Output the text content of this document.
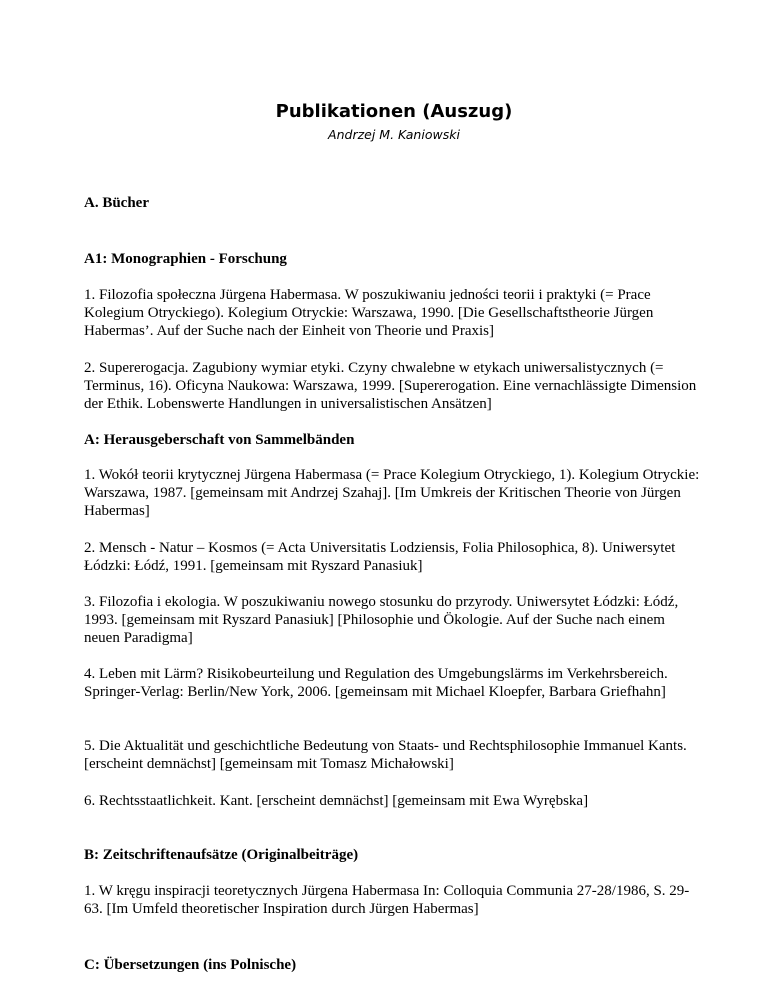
Publikationen (Auszug)

Andrzej M. Kaniowski

A. Bücher

A1: Monographien - Forschung

1. Filozofia społeczna Jürgena Habermasa. W poszukiwaniu jedności teorii i praktyki (= Prace Kolegium Otryckiego). Kolegium Otryckie: Warszawa, 1990. [Die Gesellschaftstheorie Jürgen Habermas’. Auf der Suche nach der Einheit von Theorie und Praxis]

2. Supererogacja. Zagubiony wymiar etyki. Czyny chwalebne w etykach uniwersalistycznych (= Terminus, 16). Oficyna Naukowa: Warszawa, 1999. [Supererogation. Eine vernachlässigte Dimension der Ethik. Lobenswerte Handlungen in universalistischen Ansätzen]

A: Herausgeberschaft von Sammelbänden

1. Wokół teorii krytycznej Jürgena Habermasa (= Prace Kolegium Otryckiego, 1). Kolegium Otryckie: Warszawa, 1987. [gemeinsam mit Andrzej Szahaj]. [Im Umkreis der Kritischen Theorie von Jürgen Habermas]

2. Mensch - Natur – Kosmos (= Acta Universitatis Lodziensis, Folia Philosophica, 8). Uniwersytet Łódzki: Łódź, 1991. [gemeinsam mit Ryszard Panasiuk]

3. Filozofia i ekologia. W poszukiwaniu nowego stosunku do przyrody. Uniwersytet Łódzki: Łódź, 1993. [gemeinsam mit Ryszard Panasiuk] [Philosophie und Ökologie. Auf der Suche nach einem neuen Paradigma]

4. Leben mit Lärm? Risikobeurteilung und Regulation des Umgebungslärms im Verkehrsbereich. Springer-Verlag: Berlin/New York, 2006. [gemeinsam mit Michael Kloepfer, Barbara Griefhahn]

5. Die Aktualität und geschichtliche Bedeutung von Staats- und Rechtsphilosophie Immanuel Kants. [erscheint demnächst] [gemeinsam mit Tomasz Michałowski]

6. Rechtsstaatlichkeit. Kant. [erscheint demnächst] [gemeinsam mit Ewa Wyrębska]

B: Zeitschriftenaufsätze (Originalbeiträge)

1. W kręgu inspiracji teoretycznych Jürgena Habermasa In: Colloquia Communia 27-28/1986, S. 29-63. [Im Umfeld theoretischer Inspiration durch Jürgen Habermas]

C: Übersetzungen (ins Polnische)
